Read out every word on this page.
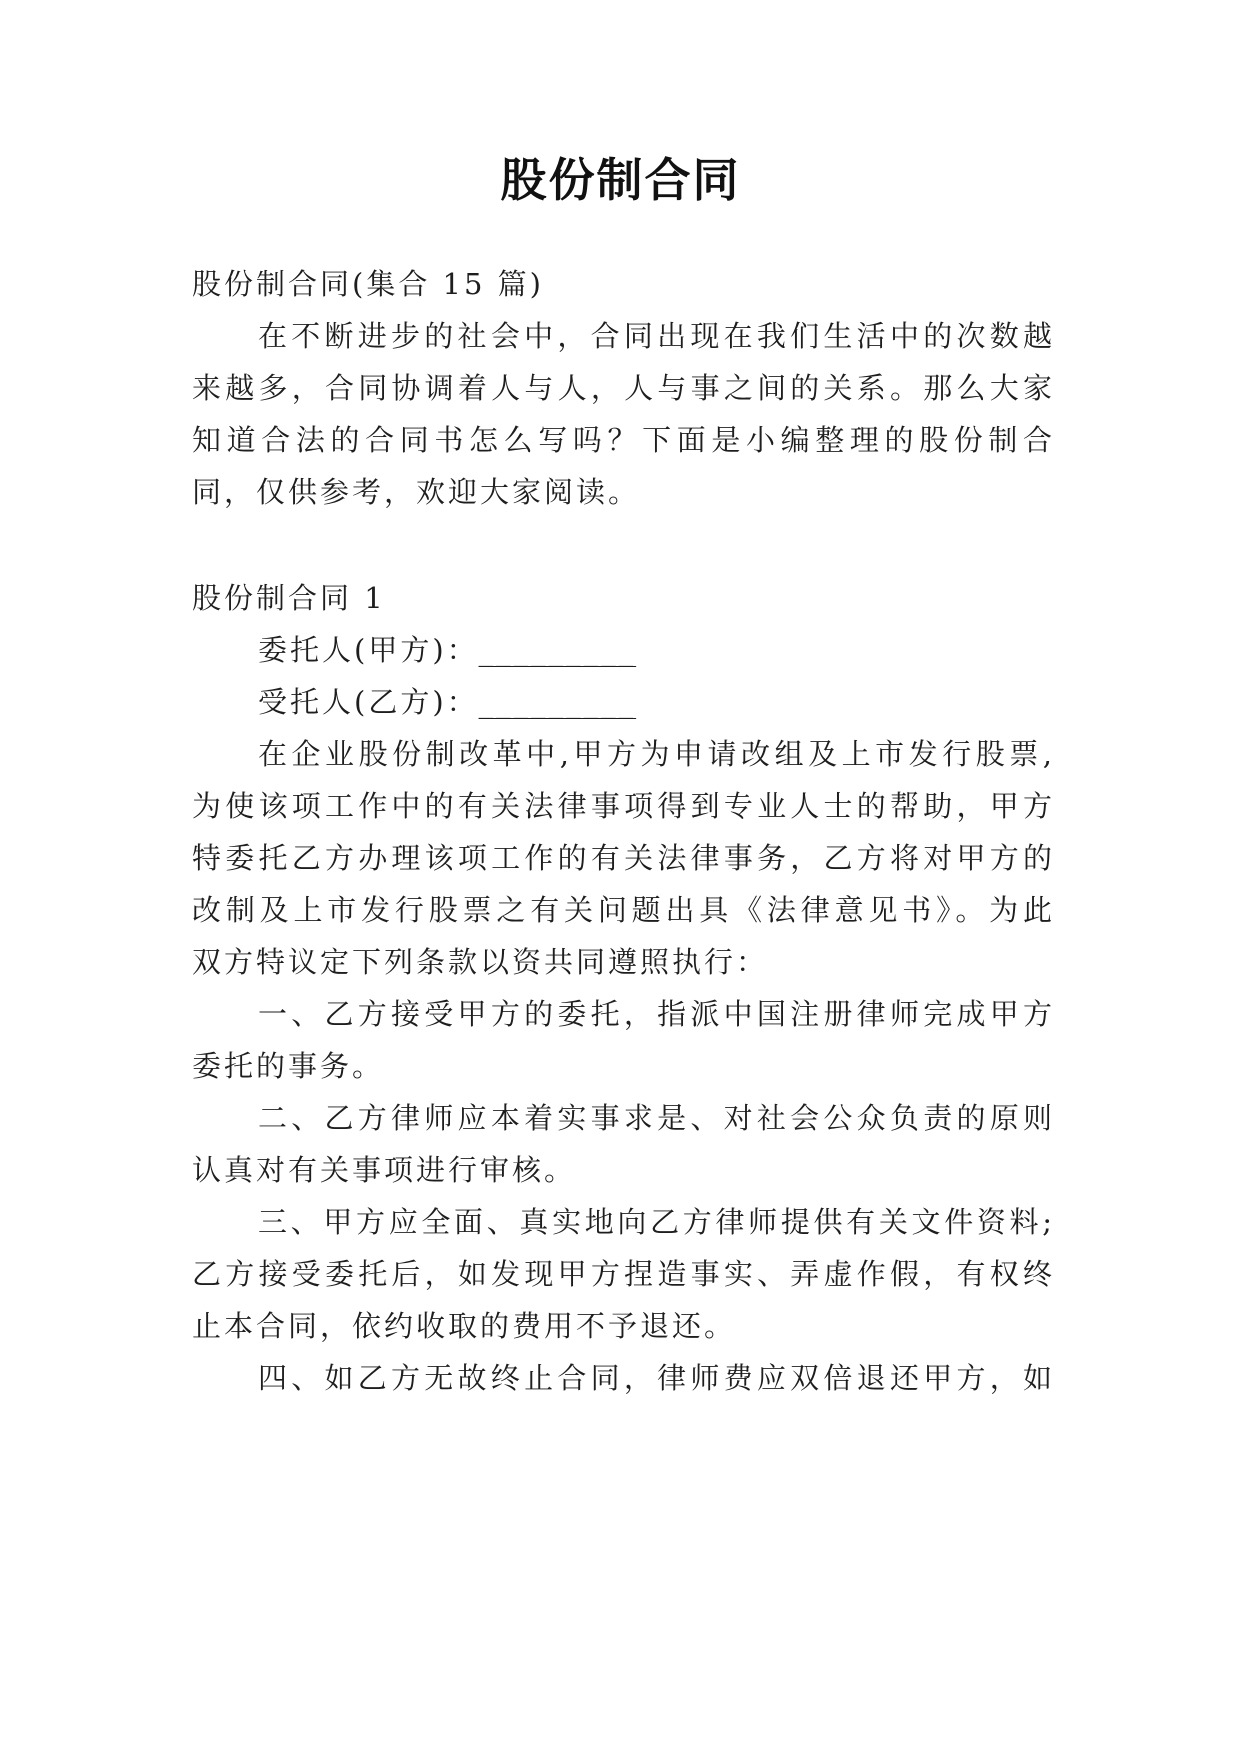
股份制合同
股份制合同(集合 15 篇)
在不断进步的社会中，合同出现在我们生活中的次数越
来越多，合同协调着人与人，人与事之间的关系。那么大家
知道合法的合同书怎么写吗？下面是小编整理的股份制合
同，仅供参考，欢迎大家阅读。
股份制合同 1
委托人(甲方)：_________
受托人(乙方)：_________
在企业股份制改革中,甲方为申请改组及上市发行股票,
为使该项工作中的有关法律事项得到专业人士的帮助，甲方
特委托乙方办理该项工作的有关法律事务，乙方将对甲方的
改制及上市发行股票之有关问题出具《法律意见书》。为此
双方特议定下列条款以资共同遵照执行：
一、乙方接受甲方的委托，指派中国注册律师完成甲方
委托的事务。
二、乙方律师应本着实事求是、对社会公众负责的原则
认真对有关事项进行审核。
三、甲方应全面、真实地向乙方律师提供有关文件资料;
乙方接受委托后，如发现甲方捏造事实、弄虚作假，有权终
止本合同，依约收取的费用不予退还。
四、如乙方无故终止合同，律师费应双倍退还甲方，如
